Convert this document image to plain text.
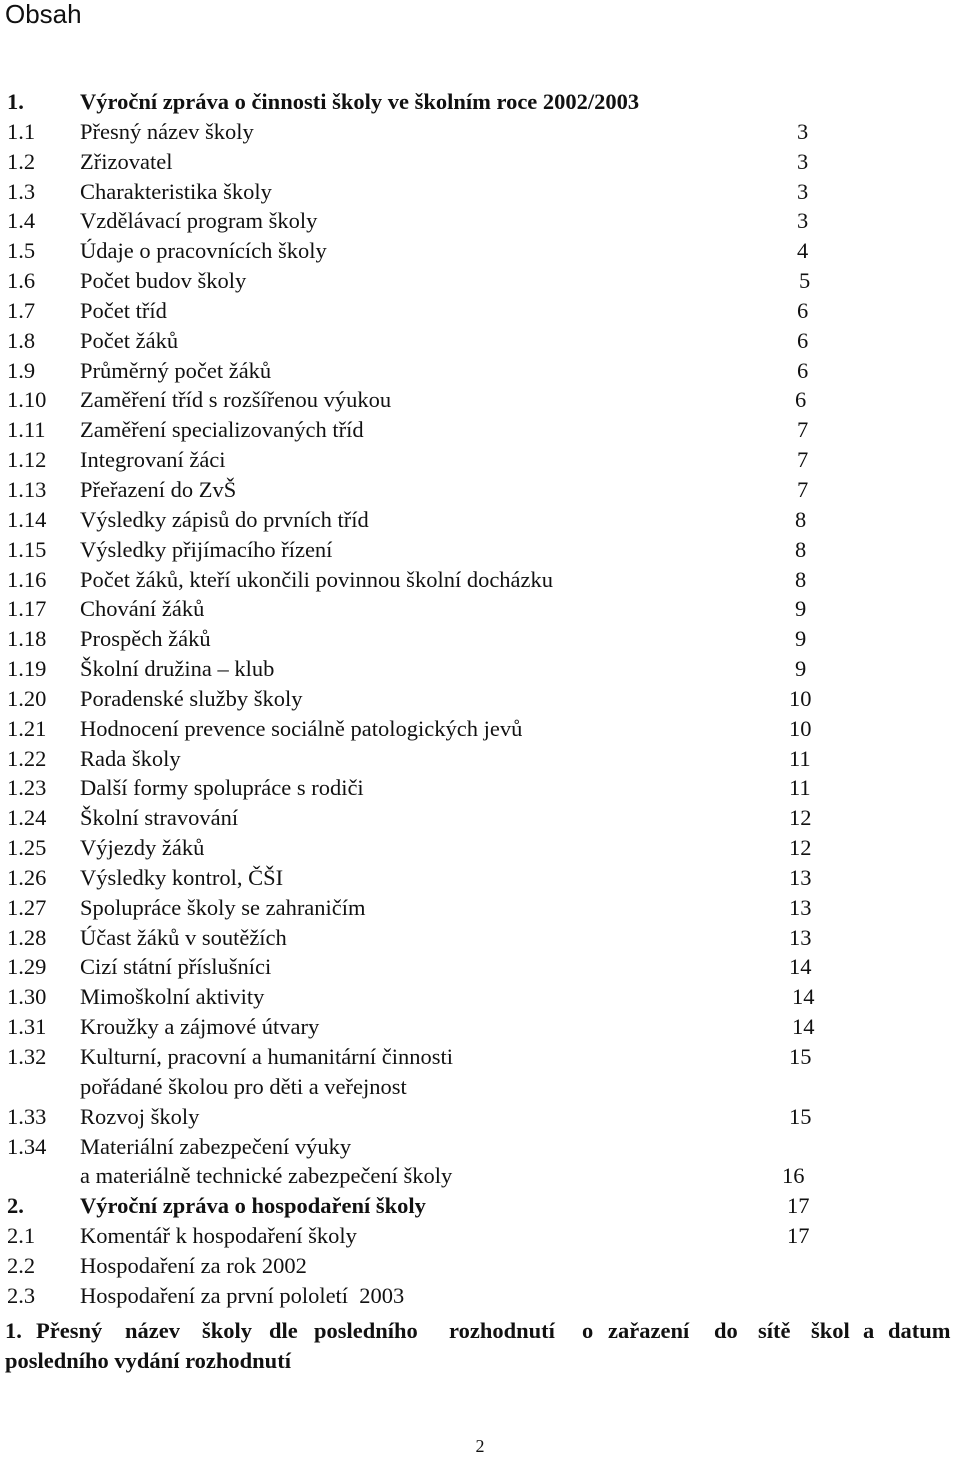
Obsah
1. Výroční zpráva o činnosti školy ve školním roce 2002/2003
1.1 Přesný název školy	3
1.2 Zřizovatel	3
1.3 Charakteristika školy	3
1.4 Vzdělávací program školy	3
1.5 Údaje o pracovnících školy	4
1.6 Počet budov školy	5
1.7 Počet tříd	6
1.8 Počet žáků	6
1.9 Průměrný počet žáků	6
1.10 Zaměření tříd s rozšířenou výukou	6
1.11 Zaměření specializovaných tříd	7
1.12 Integrovaní žáci	7
1.13 Přeřazení do ZvŠ	7
1.14 Výsledky zápisů do prvních tříd	8
1.15 Výsledky přijímacího řízení	8
1.16 Počet žáků, kteří ukončili povinnou školní docházku	8
1.17 Chování žáků	9
1.18 Prospěch žáků	9
1.19 Školní družina – klub	9
1.20 Poradenské služby školy	10
1.21 Hodnocení prevence sociálně patologických jevů	10
1.22 Rada školy	11
1.23 Další formy spolupráce s rodiči	11
1.24 Školní stravování	12
1.25 Výjezdy žáků	12
1.26 Výsledky kontrol, ČŠI	13
1.27 Spolupráce školy se zahraničím	13
1.28 Účast žáků v soutěžích	13
1.29 Cizí státní příslušníci	14
1.30 Mimoškolní aktivity	14
1.31 Kroužky a zájmové útvary	14
1.32 Kulturní, pracovní a humanitární činnosti	15
pořádané školou pro děti a veřejnost
1.33 Rozvoj školy	15
1.34 Materiální zabezpečení výuky
a materiálně technické zabezpečení školy	16
2. Výroční zpráva o hospodaření školy	17
2.1 Komentář k hospodaření školy	17
2.2 Hospodaření za rok 2002
2.3 Hospodaření za první pololetí  2003
1. Přesný název školy dle posledního rozhodnutí o zařazení do sítě škol a datum
posledního vydání rozhodnutí
2
